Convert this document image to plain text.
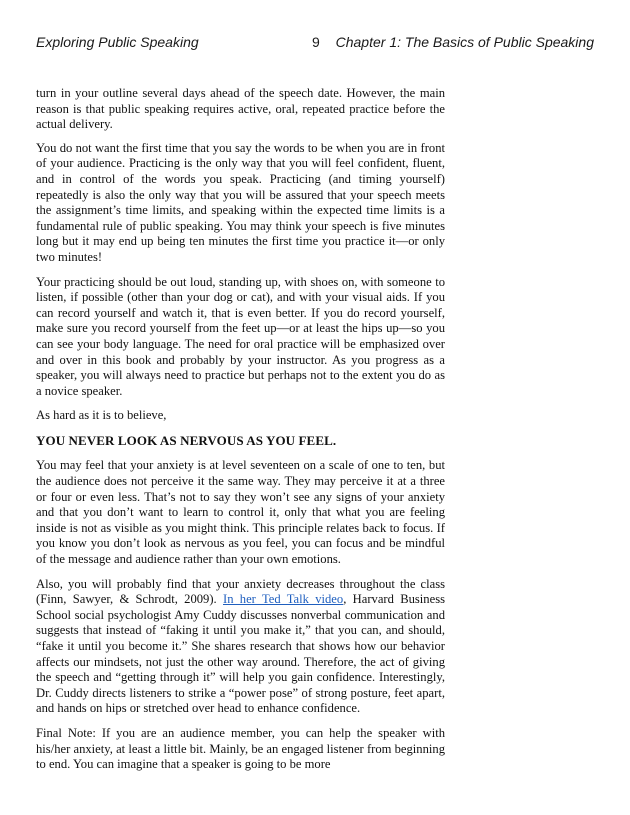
Exploring Public Speaking	9 Chapter 1: The Basics of Public Speaking

turn in your outline several days ahead of the speech date. However, the main reason is that public speaking requires active, oral, repeated practice before the actual delivery.

You do not want the first time that you say the words to be when you are in front of your audience. Practicing is the only way that you will feel confident, fluent, and in control of the words you speak. Practicing (and timing yourself) repeatedly is also the only way that you will be assured that your speech meets the assignment’s time limits, and speaking within the expected time limits is a fundamental rule of public speaking. You may think your speech is five minutes long but it may end up being ten minutes the first time you practice it—or only two minutes!

Your practicing should be out loud, standing up, with shoes on, with someone to listen, if possible (other than your dog or cat), and with your visual aids. If you can record yourself and watch it, that is even better. If you do record yourself, make sure you record yourself from the feet up—or at least the hips up—so you can see your body language. The need for oral practice will be emphasized over and over in this book and probably by your instructor. As you progress as a speaker, you will always need to practice but perhaps not to the extent you do as a novice speaker.

As hard as it is to believe,

YOU NEVER LOOK AS NERVOUS AS YOU FEEL.

You may feel that your anxiety is at level seventeen on a scale of one to ten, but the audience does not perceive it the same way. They may perceive it at a three or four or even less. That’s not to say they won’t see any signs of your anxiety and that you don’t want to learn to control it, only that what you are feeling inside is not as visible as you might think. This principle relates back to focus. If you know you don’t look as nervous as you feel, you can focus and be mindful of the message and audience rather than your own emotions.

Also, you will probably find that your anxiety decreases throughout the class (Finn, Sawyer, & Schrodt, 2009). In her Ted Talk video, Harvard Business School social psychologist Amy Cuddy discusses nonverbal communication and suggests that instead of “faking it until you make it,” that you can, and should, “fake it until you become it.” She shares research that shows how our behavior affects our mindsets, not just the other way around. Therefore, the act of giving the speech and “getting through it” will help you gain confidence. Interestingly, Dr. Cuddy directs listeners to strike a “power pose” of strong posture, feet apart, and hands on hips or stretched over head to enhance confidence.

Final Note: If you are an audience member, you can help the speaker with his/her anxiety, at least a little bit. Mainly, be an engaged listener from beginning to end. You can imagine that a speaker is going to be more
